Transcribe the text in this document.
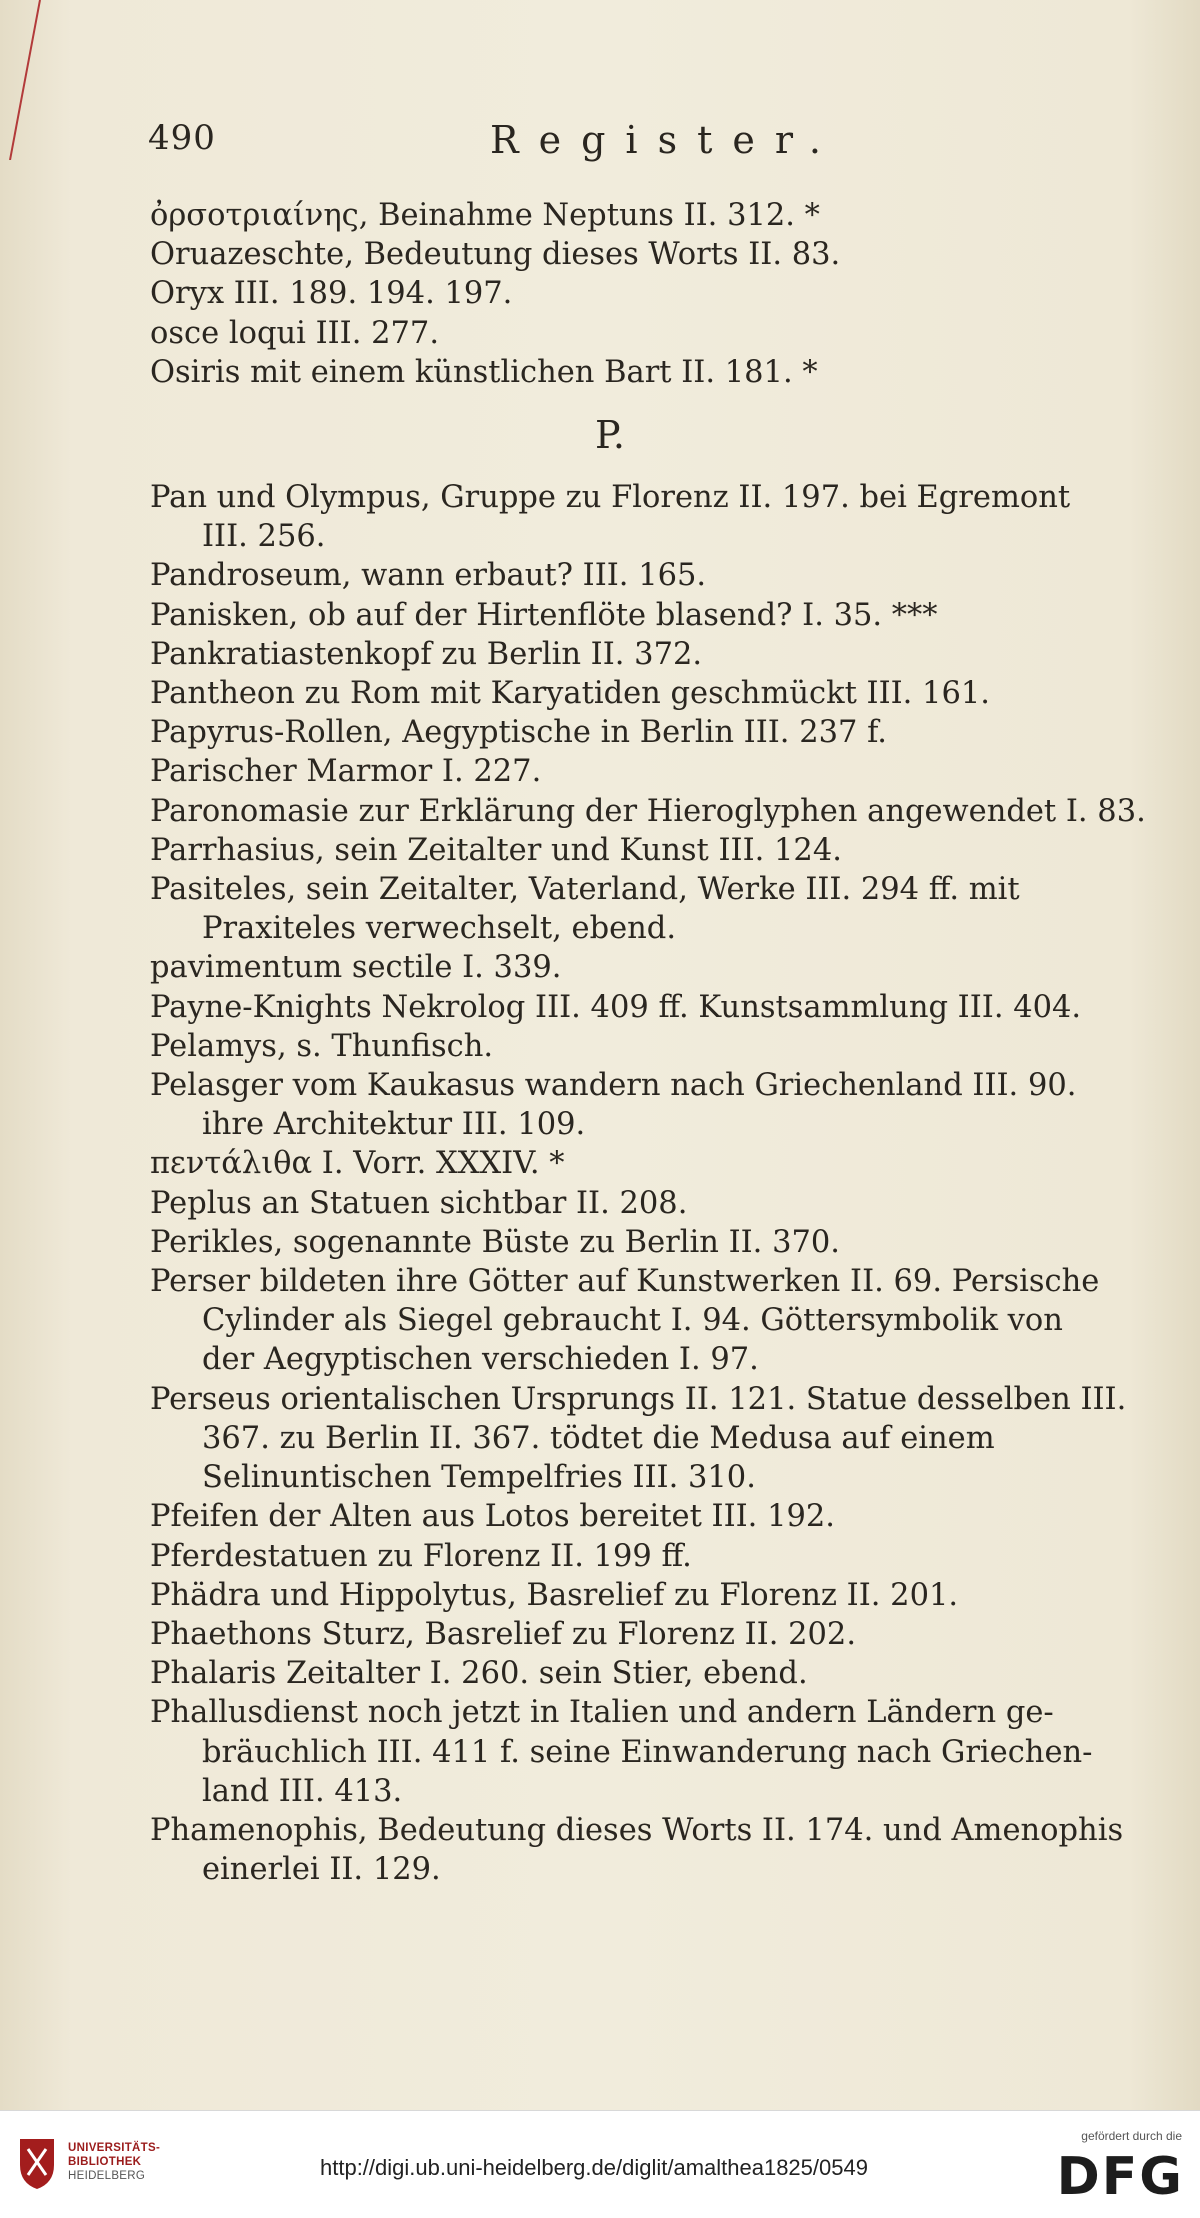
490	Register.
ὀρσοτριαίνης, Beinahme Neptuns II. 312. *
Oruazeschte, Bedeutung dieses Worts II. 83.
Oryx III. 189. 194. 197.
osce loqui III. 277.
Osiris mit einem künstlichen Bart II. 181. *
P.
Pan und Olympus, Gruppe zu Florenz II. 197. bei Egremont
III. 256.
Pandroseum, wann erbaut? III. 165.
Panisken, ob auf der Hirtenflöte blasend? I. 35. ***
Pankratiastenkopf zu Berlin II. 372.
Pantheon zu Rom mit Karyatiden geschmückt III. 161.
Papyrus-Rollen, Aegyptische in Berlin III. 237 f.
Parischer Marmor I. 227.
Paronomasie zur Erklärung der Hieroglyphen angewendet I. 83.
Parrhasius, sein Zeitalter und Kunst III. 124.
Pasiteles, sein Zeitalter, Vaterland, Werke III. 294 ff. mit
Praxiteles verwechselt, ebend.
pavimentum sectile I. 339.
Payne-Knights Nekrolog III. 409 ff. Kunstsammlung III. 404.
Pelamys, s. Thunfisch.
Pelasger vom Kaukasus wandern nach Griechenland III. 90.
ihre Architektur III. 109.
πεντάλιθα I. Vorr. XXXIV. *
Peplus an Statuen sichtbar II. 208.
Perikles, sogenannte Büste zu Berlin II. 370.
Perser bildeten ihre Götter auf Kunstwerken II. 69. Persische
Cylinder als Siegel gebraucht I. 94. Göttersymbolik von
der Aegyptischen verschieden I. 97.
Perseus orientalischen Ursprungs II. 121. Statue desselben III.
367. zu Berlin II. 367. tödtet die Medusa auf einem
Selinuntischen Tempelfries III. 310.
Pfeifen der Alten aus Lotos bereitet III. 192.
Pferdestatuen zu Florenz II. 199 ff.
Phädra und Hippolytus, Basrelief zu Florenz II. 201.
Phaethons Sturz, Basrelief zu Florenz II. 202.
Phalaris Zeitalter I. 260. sein Stier, ebend.
Phallusdienst noch jetzt in Italien und andern Ländern ge-
bräuchlich III. 411 f. seine Einwanderung nach Griechen-
land III. 413.
Phamenophis, Bedeutung dieses Worts II. 174. und Amenophis
einerlei II. 129.
UNIVERSITÄTS-
BIBLIOTHEK
HEIDELBERG	http://digi.ub.uni-heidelberg.de/diglit/amalthea1825/0549
gefördert durch die
DFG
